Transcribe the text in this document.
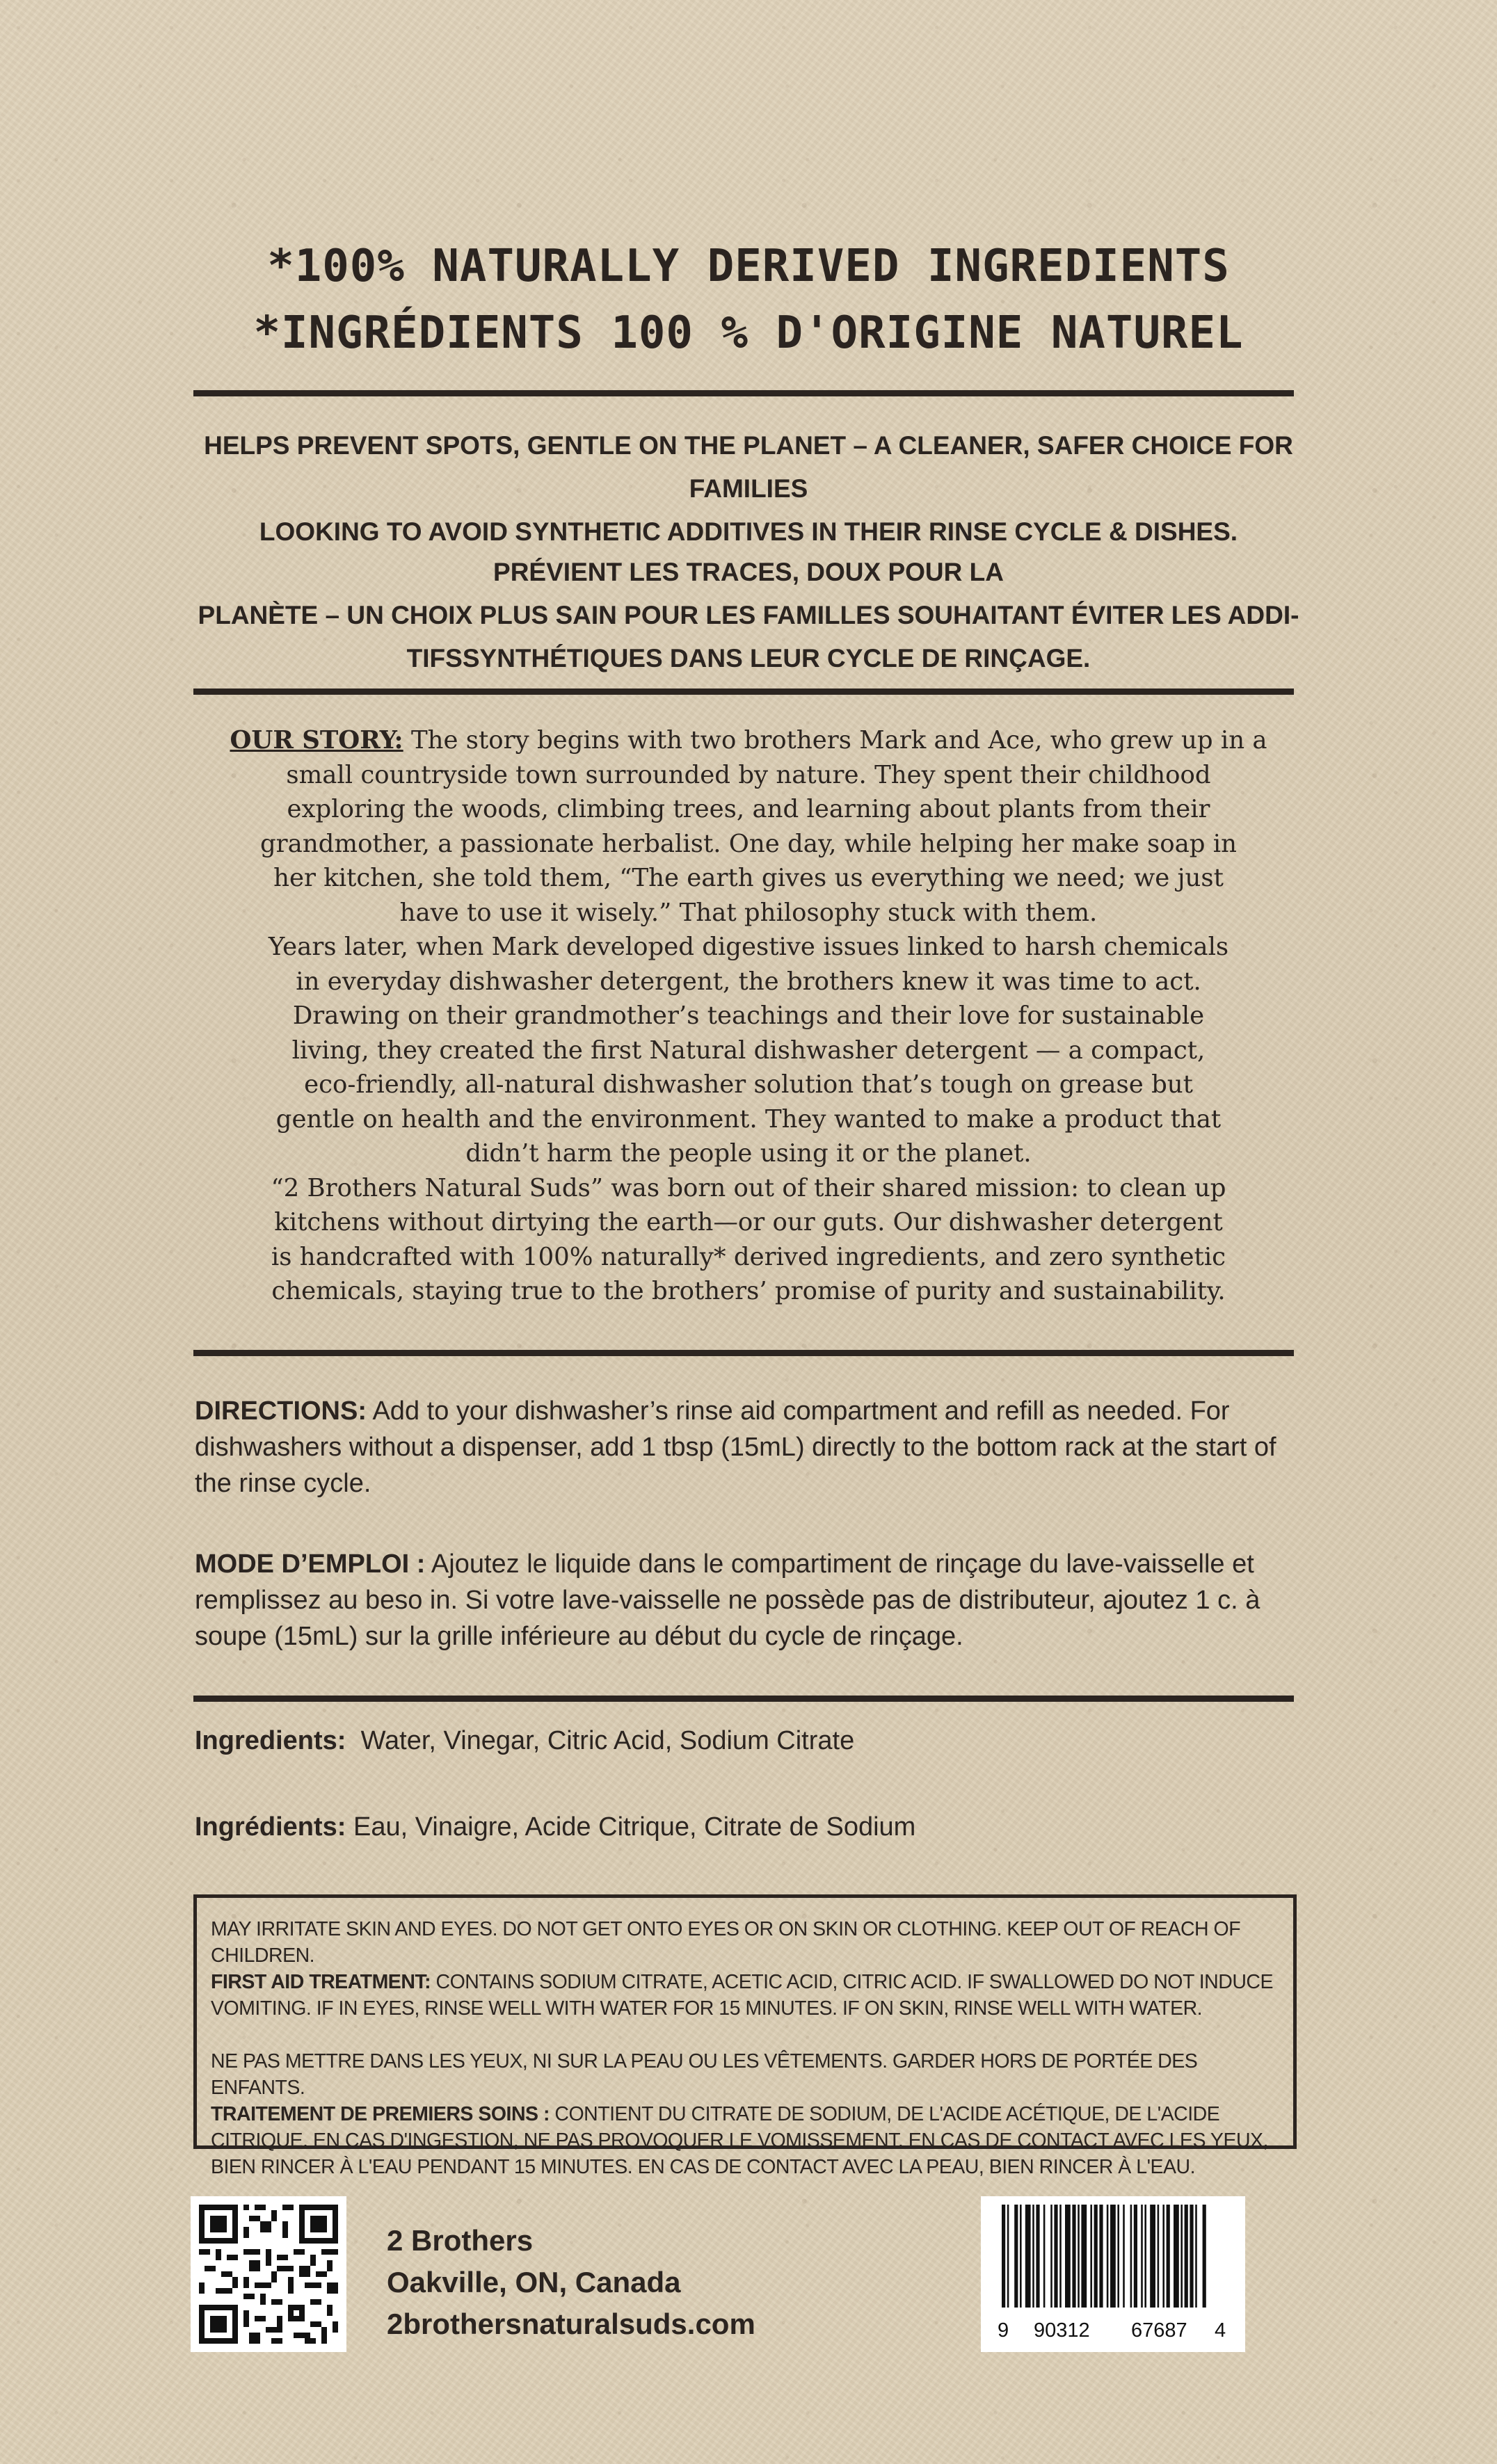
*100% NATURALLY DERIVED INGREDIENTS
*INGRÉDIENTS 100 % D'ORIGINE NATUREL
HELPS PREVENT SPOTS, GENTLE ON THE PLANET – A CLEANER, SAFER CHOICE FOR FAMILIES
LOOKING TO AVOID SYNTHETIC ADDITIVES IN THEIR RINSE CYCLE & DISHES.
PRÉVIENT LES TRACES, DOUX POUR LA
PLANÈTE – UN CHOIX PLUS SAIN POUR LES FAMILLES SOUHAITANT ÉVITER LES ADDI-
TIFSSYNTHÉTIQUES DANS LEUR CYCLE DE RINÇAGE.
OUR STORY: The story begins with two brothers Mark and Ace, who grew up in a
small countryside town surrounded by nature. They spent their childhood
exploring the woods, climbing trees, and learning about plants from their
grandmother, a passionate herbalist. One day, while helping her make soap in
her kitchen, she told them, “The earth gives us everything we need; we just
have to use it wisely.” That philosophy stuck with them.
Years later, when Mark developed digestive issues linked to harsh chemicals
in everyday dishwasher detergent, the brothers knew it was time to act.
Drawing on their grandmother’s teachings and their love for sustainable
living, they created the first Natural dishwasher detergent — a compact,
eco-friendly, all-natural dishwasher solution that’s tough on grease but
gentle on health and the environment. They wanted to make a product that
didn’t harm the people using it or the planet.
“2 Brothers Natural Suds” was born out of their shared mission: to clean up
kitchens without dirtying the earth—or our guts. Our dishwasher detergent
is handcrafted with 100% naturally* derived ingredients, and zero synthetic
chemicals, staying true to the brothers’ promise of purity and sustainability.
DIRECTIONS: Add to your dishwasher’s rinse aid compartment and refill as needed. For dishwashers without a dispenser, add 1 tbsp (15mL) directly to the bottom rack at the start of the rinse cycle.
MODE D’EMPLOI : Ajoutez le liquide dans le compartiment de rinçage du lave-vaisselle et remplissez au beso in. Si votre lave-vaisselle ne possède pas de distributeur, ajoutez 1 c. à soupe (15mL) sur la grille inférieure au début du cycle de rinçage.
Ingredients:  Water, Vinegar, Citric Acid, Sodium Citrate
Ingrédients: Eau, Vinaigre, Acide Citrique, Citrate de Sodium
MAY IRRITATE SKIN AND EYES. DO NOT GET ONTO EYES OR ON SKIN OR CLOTHING. KEEP OUT OF REACH OF CHILDREN.
FIRST AID TREATMENT: CONTAINS SODIUM CITRATE, ACETIC ACID, CITRIC ACID. IF SWALLOWED DO NOT INDUCE VOMITING. IF IN EYES, RINSE WELL WITH WATER FOR 15 MINUTES. IF ON SKIN, RINSE WELL WITH WATER.
NE PAS METTRE DANS LES YEUX, NI SUR LA PEAU OU LES VÊTEMENTS. GARDER HORS DE PORTÉE DES ENFANTS.
TRAITEMENT DE PREMIERS SOINS : CONTIENT DU CITRATE DE SODIUM, DE L'ACIDE ACÉTIQUE, DE L'ACIDE CITRIQUE. EN CAS D'INGESTION, NE PAS PROVOQUER LE VOMISSEMENT. EN CAS DE CONTACT AVEC LES YEUX, BIEN RINCER À L'EAU PENDANT 15 MINUTES. EN CAS DE CONTACT AVEC LA PEAU, BIEN RINCER À L'EAU.
2 Brothers
Oakville, ON, Canada
2brothersnaturalsuds.com	9 90312 67687 4
